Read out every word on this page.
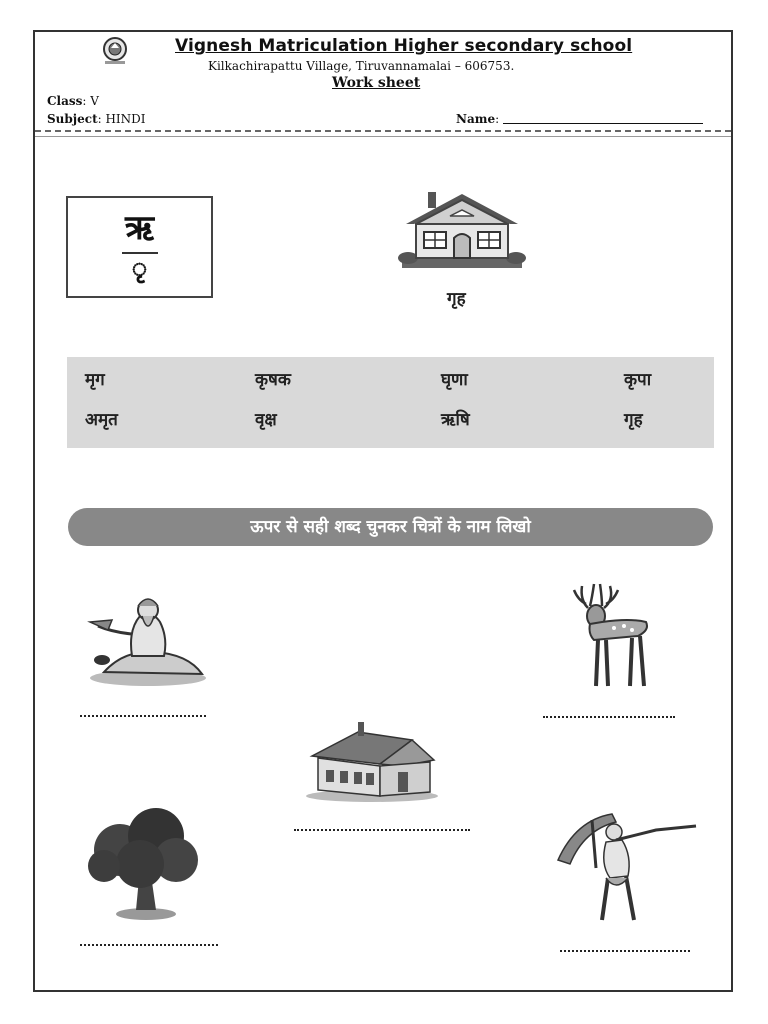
Vignesh Matriculation Higher secondary school
Kilkachirapattu Village, Tiruvannamalai – 606753.
Work sheet
Class: V
Subject: HINDI	Name:
ऋ
ृ
गृह
मृग	कृषक	घृणा	कृपा
अमृत	वृक्ष	ऋषि	गृह
ऊपर से सही शब्द चुनकर चित्रों के नाम लिखो
